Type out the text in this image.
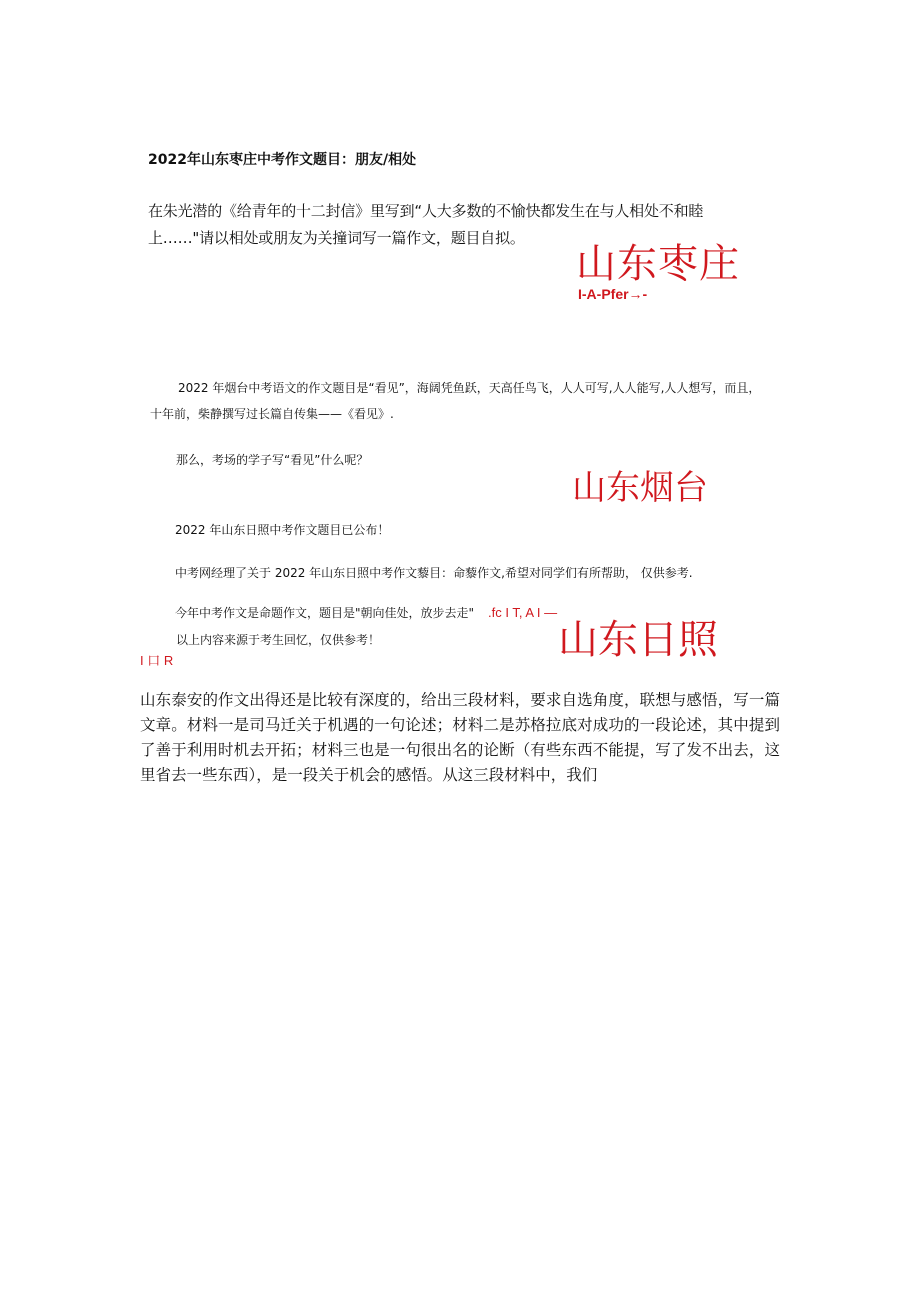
2022年山东枣庄中考作文题目：朋友/相处
在朱光潜的《给青年的十二封信》里写到“人大多数的不愉快都发生在与人相处不和睦
上……"请以相处或朋友为关撞词写一篇作文，题目自拟。
山东枣庄
I-A-Pfer→-
2022 年烟台中考语文的作文题目是“看见”，海阔凭鱼跃，天高任鸟飞，人人可写,人人能写,人人想写，而且，
十年前，柴静撰写过长篇自传集——《看见》.
那么，考场的学子写“看见”什么呢？
山东烟台
2022 年山东日照中考作文题目已公布！
中考网经理了关于 2022 年山东日照中考作文藜目：命藜作文,希望对同学们有所帮助， 仅供参考.
今年中考作文是命题作文，题目是"朝向佳处，放步去走" .fc I T, A I —
以上内容来源于考生回忆，仅供参考！	山东日照
I 口 R
山东泰安的作文出得还是比较有深度的，给出三段材料，要求自选角度，联想与感悟，写一篇文章。材料一是司马迁关于机遇的一句论述；材料二是苏格拉底对成功的一段论述，其中提到了善于利用时机去开拓；材料三也是一句很出名的论断（有些东西不能提，写了发不出去，这里省去一些东西），是一段关于机会的感悟。从这三段材料中，我们
